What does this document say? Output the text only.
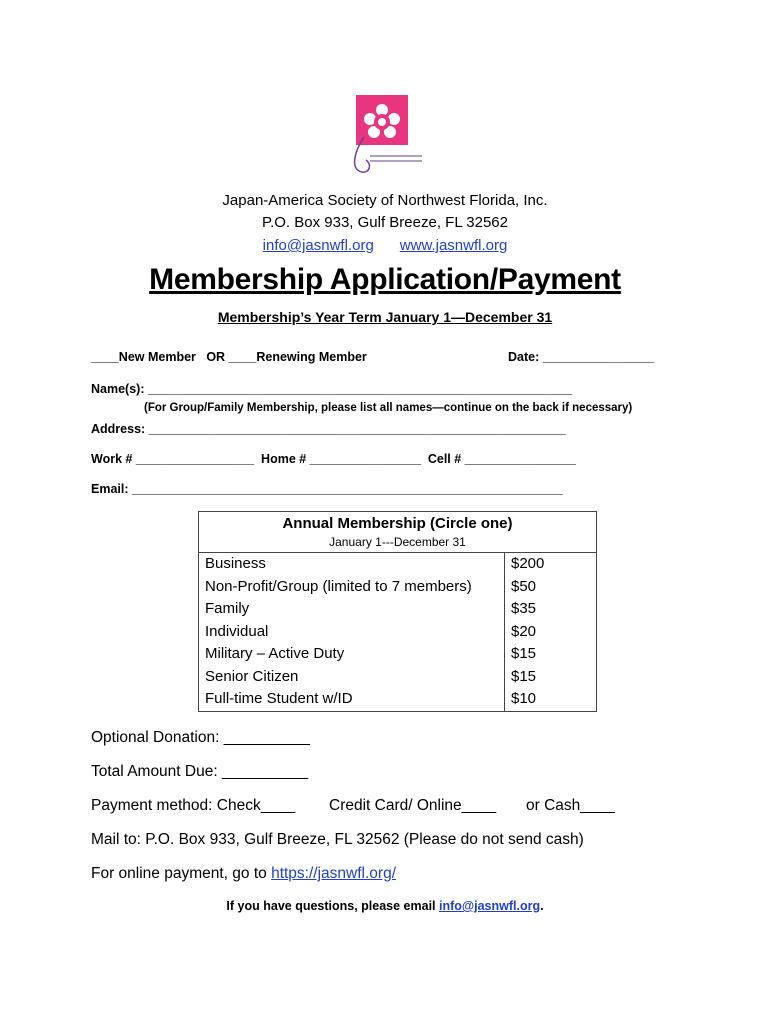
Japan-America Society of Northwest Florida, Inc.
P.O. Box 933, Gulf Breeze, FL 32562
info@jasnwfl.org www.jasnwfl.org
Membership Application/Payment
Membership’s Year Term January 1—December 31
____New Member   OR ____Renewing Member	Date: ________________
Name(s): _____________________________________________________________
(For Group/Family Membership, please list all names—continue on the back if necessary)
Address: ____________________________________________________________
Work # _________________  Home # ________________  Cell # ________________
Email: ______________________________________________________________
Annual Membership (Circle one)
January 1---December 31	

Business	$200
Non-Profit/Group (limited to 7 members)	$50
Family	$35
Individual	$20
Military – Active Duty	$15
Senior Citizen	$15
Full-time Student w/ID	$10
Optional Donation: __________
Total Amount Due: __________
Payment method: Check____ Credit Card/ Online____ or Cash____
Mail to: P.O. Box 933, Gulf Breeze, FL 32562 (Please do not send cash)
For online payment, go to https://jasnwfl.org/
If you have questions, please email info@jasnwfl.org.
